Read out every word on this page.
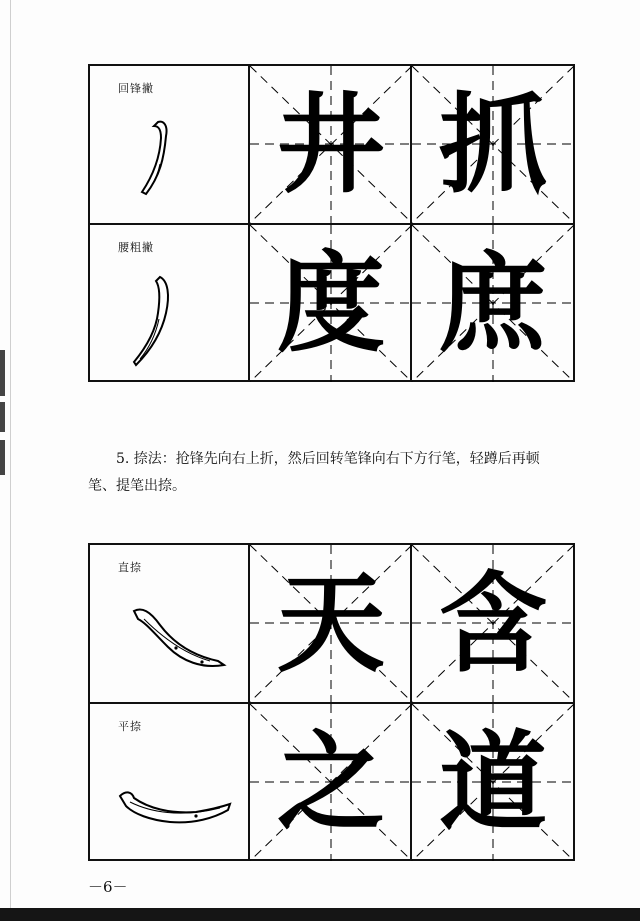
回锋撇 井 抓
腰粗撇 度 庶
5. 捺法：抢锋先向右上折，然后回转笔锋向右下方行笔，轻蹲后再顿
笔、提笔出捺。
直捺 天 含
平捺 之 道
－6－
